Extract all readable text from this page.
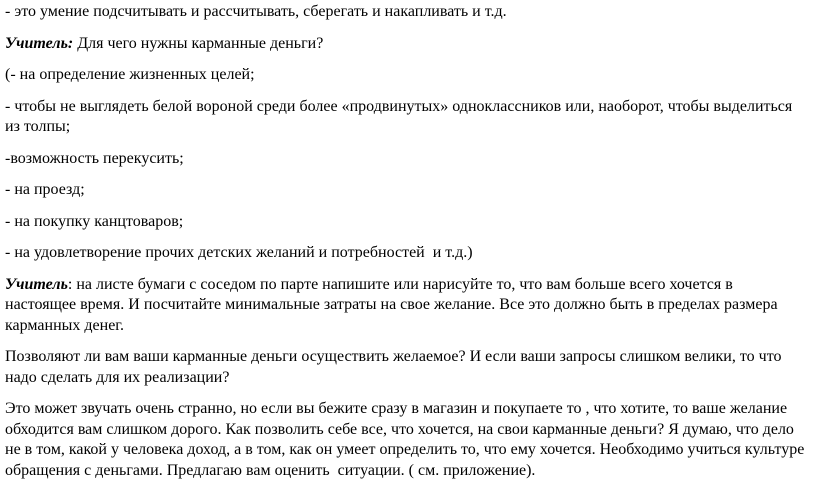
- это умение подсчитывать и рассчитывать, сберегать и накапливать и т.д.

Учитель: Для чего нужны карманные деньги?

(- на определение жизненных целей;

- чтобы не выглядеть белой вороной среди более «продвинутых» одноклассников или, наоборот, чтобы выделиться из толпы;

-возможность перекусить;

- на проезд;

- на покупку канцтоваров;

- на удовлетворение прочих детских желаний и потребностей  и т.д.)

Учитель: на листе бумаги с соседом по парте напишите или нарисуйте то, что вам больше всего хочется в настоящее время. И посчитайте минимальные затраты на свое желание. Все это должно быть в пределах размера карманных денег.

Позволяют ли вам ваши карманные деньги осуществить желаемое? И если ваши запросы слишком велики, то что надо сделать для их реализации?

Это может звучать очень странно, но если вы бежите сразу в магазин и покупаете то , что хотите, то ваше желание обходится вам слишком дорого. Как позволить себе все, что хочется, на свои карманные деньги? Я думаю, что дело не в том, какой у человека доход, а в том, как он умеет определить то, что ему хочется. Необходимо учиться культуре обращения с деньгами. Предлагаю вам оценить  ситуации. ( см. приложение).
